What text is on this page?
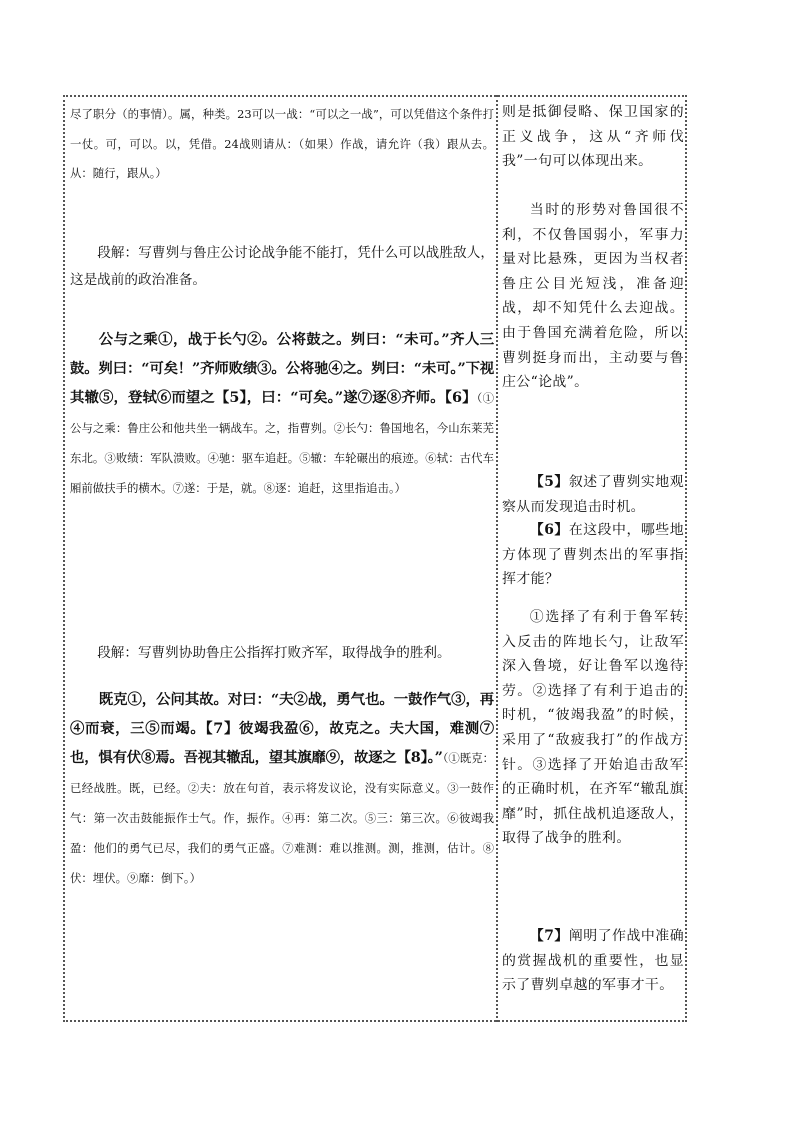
尽了职分（的事情）。属，种类。23可以一战：“可以之一战”，可以凭借这个条件打一仗。可，可以。以，凭借。24战则请从：（如果）作战，请允许（我）跟从去。从：随行，跟从。）

段解：写曹刿与鲁庄公讨论战争能不能打，凭什么可以战胜敌人，这是战前的政治准备。

公与之乘①，战于长勺②。公将鼓之。刿曰：“未可。”齐人三鼓。刿曰：“可矣！”齐师败绩③。公将驰④之。刿曰：“未可。”下视其辙⑤，登轼⑥而望之【5】，曰：“可矣。”遂⑦逐⑧齐师。【6】（①公与之乘：鲁庄公和他共坐一辆战车。之，指曹刿。②长勺：鲁国地名，今山东莱芜东北。③败绩：军队溃败。④驰：驱车追赶。⑤辙：车轮碾出的痕迹。⑥轼：古代车厢前做扶手的横木。⑦遂：于是，就。⑧逐：追赶，这里指追击。）

段解：写曹刿协助鲁庄公指挥打败齐军，取得战争的胜利。

既克①，公问其故。对曰：“夫②战，勇气也。一鼓作气③，再④而衰，三⑤而竭。【7】彼竭我盈⑥，故克之。夫大国，难测⑦也，惧有伏⑧焉。吾视其辙乱，望其旗靡⑨，故逐之【8】。”（①既克：已经战胜。既，已经。②夫：放在句首，表示将发议论，没有实际意义。③一鼓作气：第一次击鼓能振作士气。作，振作。④再：第二次。⑤三：第三次。⑥彼竭我盈：他们的勇气已尽，我们的勇气正盛。⑦难测：难以推测。测，推测，估计。⑧伏：埋伏。⑨靡：倒下。）
则是抵御侵略、保卫国家的正义战争，这从“齐师伐我”一句可以体现出来。
当时的形势对鲁国很不利，不仅鲁国弱小，军事力量对比悬殊，更因为当权者鲁庄公目光短浅，准备迎战，却不知凭什么去迎战。由于鲁国充满着危险，所以曹刿挺身而出，主动要与鲁庄公“论战”。
【5】叙述了曹刿实地观察从而发现追击时机。
【6】在这段中，哪些地方体现了曹刿杰出的军事指挥才能？
①选择了有利于鲁军转入反击的阵地长勺，让敌军深入鲁境，好让鲁军以逸待劳。②选择了有利于追击的时机，“彼竭我盈”的时候，采用了“敌疲我打”的作战方针。③选择了开始追击敌军的正确时机，在齐军“辙乱旗靡”时，抓住战机追逐敌人，取得了战争的胜利。
【7】阐明了作战中准确的赏握战机的重要性，也显示了曹刿卓越的军事才干。
